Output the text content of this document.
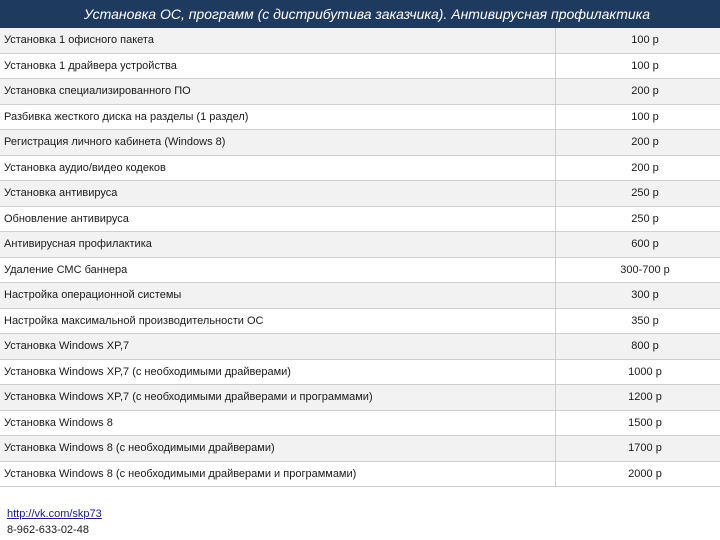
Установка ОС, программ (с дистрибутива заказчика). Антивирусная профилактика
Установка 1 офисного пакета	100 р
Установка 1 драйвера устройства	100 р
Установка специализированного ПО	200 р
Разбивка жесткого диска на разделы (1 раздел)	100 р
Регистрация личного кабинета (Windows 8)	200 р
Установка аудио/видео кодеков	200 р
Установка антивируса	250 р
Обновление антивируса	250 р
Антивирусная профилактика	600 р
Удаление СМС баннера	300-700 р
Настройка операционной системы	300 р
Настройка максимальной производительности ОС	350 р
Установка Windows XP,7	800 р
Установка Windows XP,7 (с необходимыми драйверами)	1000 р
Установка Windows XP,7 (с необходимыми драйверами и программами)	1200 р
Установка Windows 8	1500 р
Установка Windows 8 (с необходимыми драйверами)	1700 р
Установка Windows 8 (с необходимыми драйверами и программами)	2000 р
http://vk.com/skp73
8-962-633-02-48
